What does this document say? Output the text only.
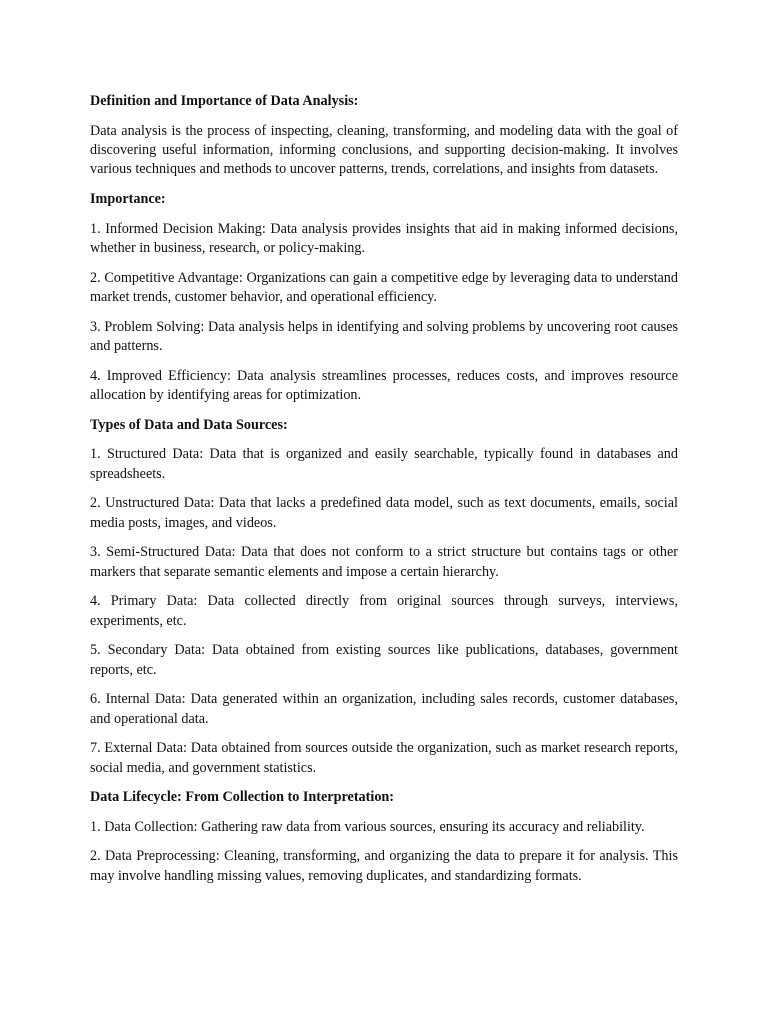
Definition and Importance of Data Analysis:

Data analysis is the process of inspecting, cleaning, transforming, and modeling data with the goal of discovering useful information, informing conclusions, and supporting decision-making. It involves various techniques and methods to uncover patterns, trends, correlations, and insights from datasets.

Importance:

1. Informed Decision Making: Data analysis provides insights that aid in making informed decisions, whether in business, research, or policy-making.

2. Competitive Advantage: Organizations can gain a competitive edge by leveraging data to understand market trends, customer behavior, and operational efficiency.

3. Problem Solving: Data analysis helps in identifying and solving problems by uncovering root causes and patterns.

4. Improved Efficiency: Data analysis streamlines processes, reduces costs, and improves resource allocation by identifying areas for optimization.

Types of Data and Data Sources:

1. Structured Data: Data that is organized and easily searchable, typically found in databases and spreadsheets.

2. Unstructured Data: Data that lacks a predefined data model, such as text documents, emails, social media posts, images, and videos.

3. Semi-Structured Data: Data that does not conform to a strict structure but contains tags or other markers that separate semantic elements and impose a certain hierarchy.

4. Primary Data: Data collected directly from original sources through surveys, interviews, experiments, etc.

5. Secondary Data: Data obtained from existing sources like publications, databases, government reports, etc.

6. Internal Data: Data generated within an organization, including sales records, customer databases, and operational data.

7. External Data: Data obtained from sources outside the organization, such as market research reports, social media, and government statistics.

Data Lifecycle: From Collection to Interpretation:

1. Data Collection: Gathering raw data from various sources, ensuring its accuracy and reliability.

2. Data Preprocessing: Cleaning, transforming, and organizing the data to prepare it for analysis. This may involve handling missing values, removing duplicates, and standardizing formats.
